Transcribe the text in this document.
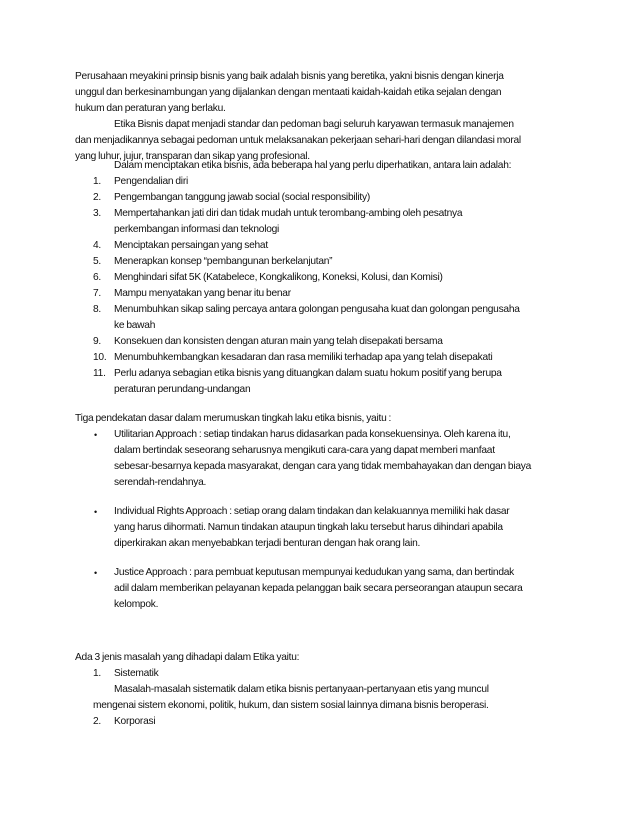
Perusahaan meyakini prinsip bisnis yang baik adalah bisnis yang beretika, yakni bisnis dengan kinerja
unggul dan berkesinambungan yang dijalankan dengan mentaati kaidah-kaidah etika sejalan dengan
hukum dan peraturan yang berlaku.
Etika Bisnis dapat menjadi standar dan pedoman bagi seluruh karyawan termasuk manajemen
dan menjadikannya sebagai pedoman untuk melaksanakan pekerjaan sehari-hari dengan dilandasi moral
yang luhur, jujur, transparan dan sikap yang profesional.
Dalam menciptakan etika bisnis, ada beberapa hal yang perlu diperhatikan, antara lain adalah:
1.	Pengendalian diri
2.	Pengembangan tanggung jawab social (social responsibility)
3.	Mempertahankan jati diri dan tidak mudah untuk terombang-ambing oleh pesatnya
perkembangan informasi dan teknologi
4.	Menciptakan persaingan yang sehat
5.	Menerapkan konsep “pembangunan berkelanjutan”
6.	Menghindari sifat 5K (Katabelece, Kongkalikong, Koneksi, Kolusi, dan Komisi)
7.	Mampu menyatakan yang benar itu benar
8.	Menumbuhkan sikap saling percaya antara golongan pengusaha kuat dan golongan pengusaha
ke bawah
9.	Konsekuen dan konsisten dengan aturan main yang telah disepakati bersama
10. Menumbuhkembangkan kesadaran dan rasa memiliki terhadap apa yang telah disepakati
11. Perlu adanya sebagian etika bisnis yang dituangkan dalam suatu hokum positif yang berupa
peraturan perundang-undangan
Tiga pendekatan dasar dalam merumuskan tingkah laku etika bisnis, yaitu :
• Utilitarian Approach : setiap tindakan harus didasarkan pada konsekuensinya. Oleh karena itu,
dalam bertindak seseorang seharusnya mengikuti cara-cara yang dapat memberi manfaat
sebesar-besarnya kepada masyarakat, dengan cara yang tidak membahayakan dan dengan biaya
serendah-rendahnya.
• Individual Rights Approach : setiap orang dalam tindakan dan kelakuannya memiliki hak dasar
yang harus dihormati. Namun tindakan ataupun tingkah laku tersebut harus dihindari apabila
diperkirakan akan menyebabkan terjadi benturan dengan hak orang lain.
• Justice Approach : para pembuat keputusan mempunyai kedudukan yang sama, dan bertindak
adil dalam memberikan pelayanan kepada pelanggan baik secara perseorangan ataupun secara
kelompok.
Ada 3 jenis masalah yang dihadapi dalam Etika yaitu:
1.	Sistematik
Masalah-masalah sistematik dalam etika bisnis pertanyaan-pertanyaan etis yang muncul
mengenai sistem ekonomi, politik, hukum, dan sistem sosial lainnya dimana bisnis beroperasi.
2.	Korporasi
